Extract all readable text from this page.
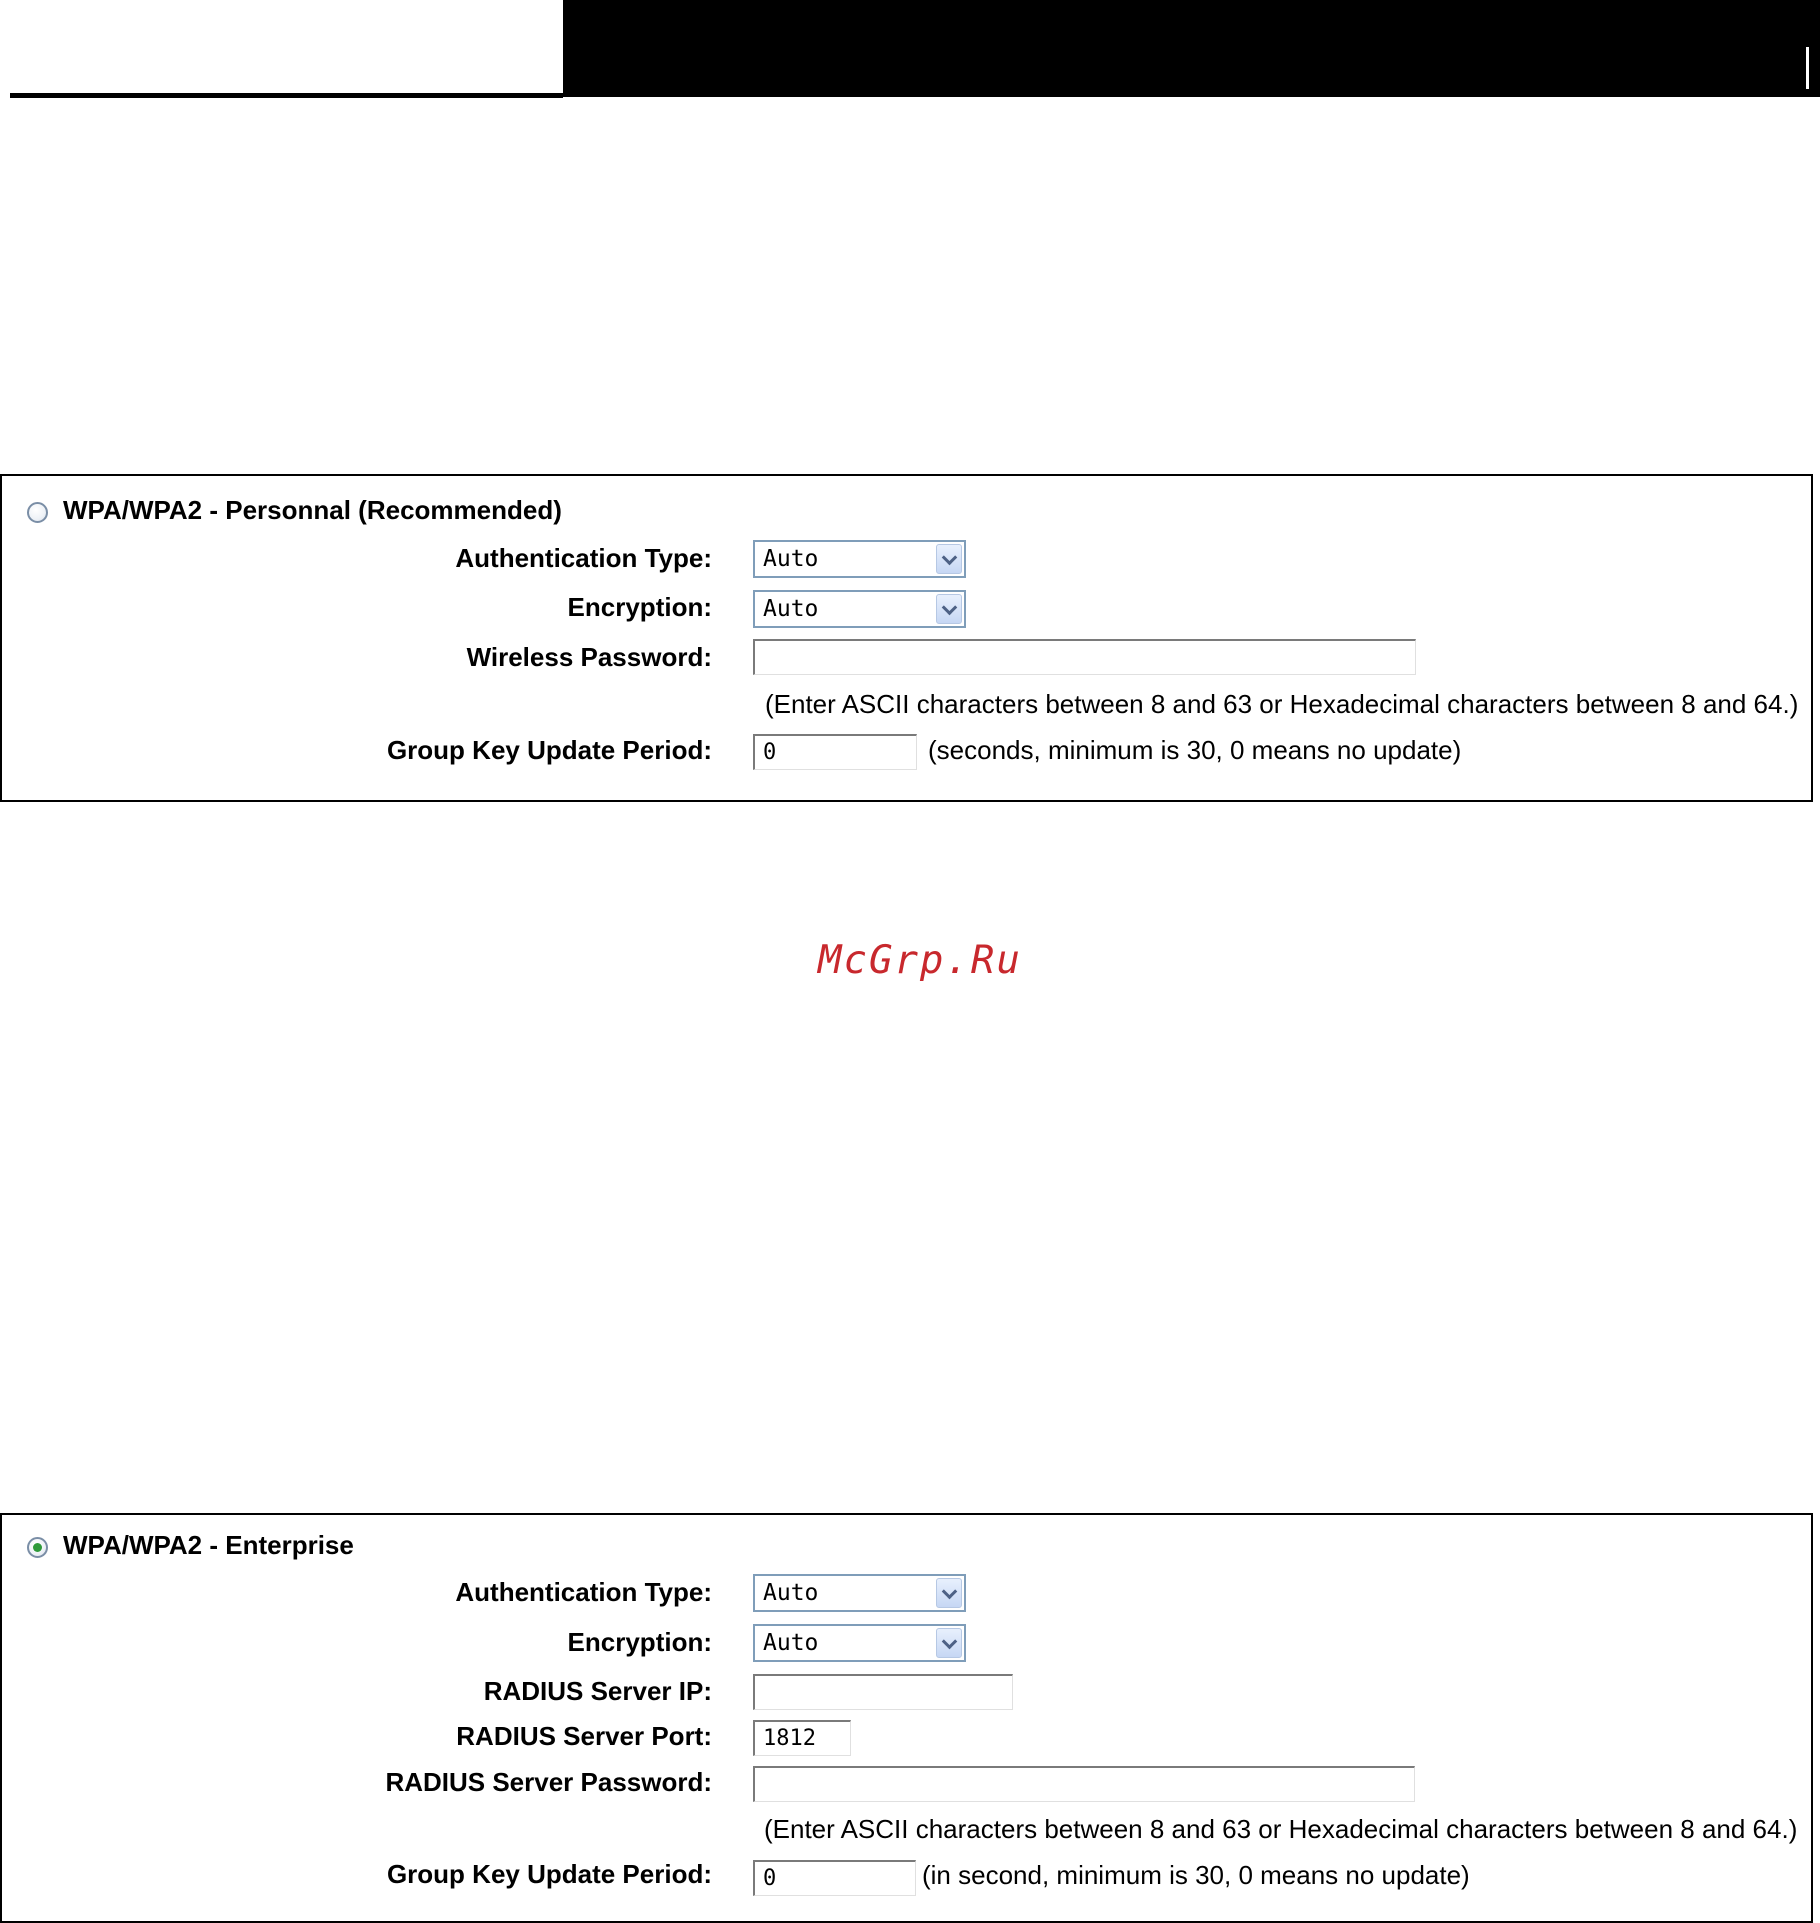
WPA/WPA2 - Personnal (Recommended)
Authentication Type: Auto
Encryption: Auto
Wireless Password:
(Enter ASCII characters between 8 and 63 or Hexadecimal characters between 8 and 64.)
Group Key Update Period: 0	(seconds, minimum is 30, 0 means no update)
McGrp.Ru
WPA/WPA2 - Enterprise
Authentication Type: Auto
Encryption: Auto
RADIUS Server IP:
RADIUS Server Port: 1812
RADIUS Server Password:
(Enter ASCII characters between 8 and 63 or Hexadecimal characters between 8 and 64.)
Group Key Update Period: 0	(in second, minimum is 30, 0 means no update)
